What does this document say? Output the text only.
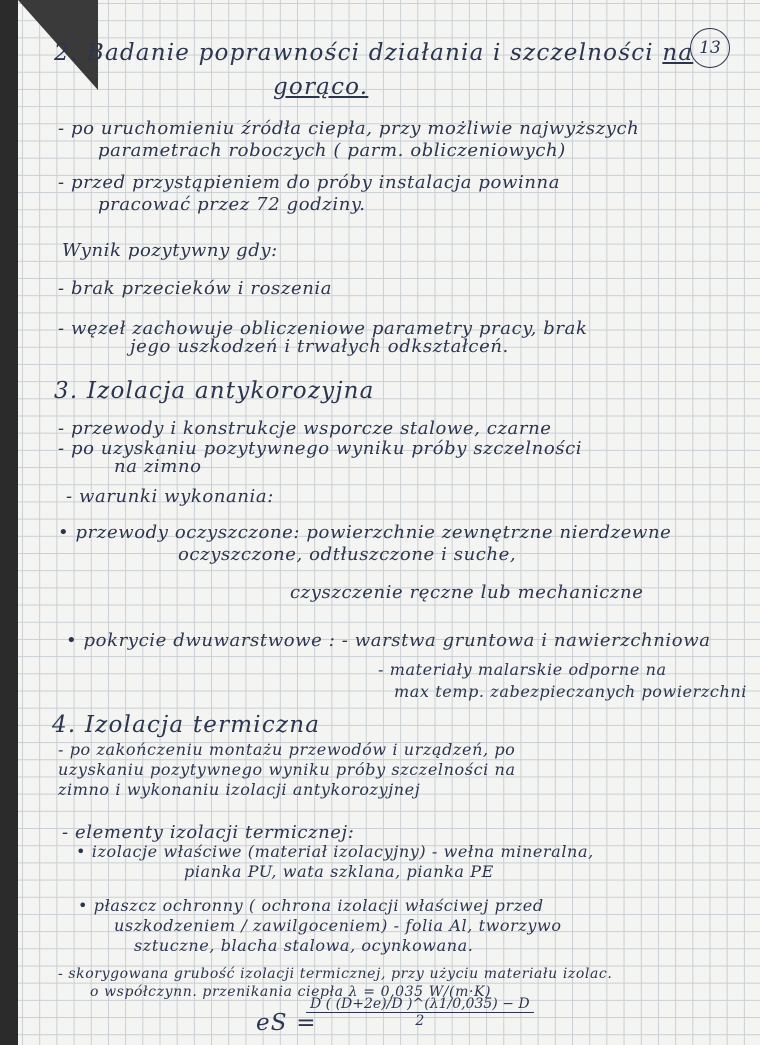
13
2. Badanie poprawności działania i szczelności na
gorąco.
- po uruchomieniu źródła ciepła, przy możliwie najwyższych
parametrach roboczych ( parm. obliczeniowych)
- przed przystąpieniem do próby instalacja powinna
pracować przez 72 godziny.
Wynik pozytywny gdy:
- brak przecieków i roszenia
- węzeł zachowuje obliczeniowe parametry pracy, brak
jego uszkodzeń i trwałych odkształceń.
3. Izolacja antykorozyjna
- przewody i konstrukcje wsporcze stalowe, czarne
- po uzyskaniu pozytywnego wyniku próby szczelności
na zimno
- warunki wykonania:
• przewody oczyszczone: powierzchnie zewnętrzne nierdzewne
oczyszczone, odtłuszczone i suche,
czyszczenie ręczne lub mechaniczne
• pokrycie dwuwarstwowe : - warstwa gruntowa i nawierzchniowa
- materiały malarskie odporne na
max temp. zabezpieczanych powierzchni
4. Izolacja termiczna
- po zakończeniu montażu przewodów i urządzeń, po
uzyskaniu pozytywnego wyniku próby szczelności na
zimno i wykonaniu izolacji antykorozyjnej
- elementy izolacji termicznej:
• izolacje właściwe (materiał izolacyjny) - wełna mineralna,
pianka PU, wata szklana, pianka PE
• płaszcz ochronny ( ochrona izolacji właściwej przed
uszkodzeniem / zawilgoceniem) - folia Al, tworzywo
sztuczne, blacha stalowa, ocynkowana.
- skorygowana grubość izolacji termicznej, przy użyciu materiału izolac.
o współczynn. przenikania ciepła λ = 0,035 W/(m·K)
eS =
$\frac{D ( (D+2e)/D )\^{}(\lambda 1/0,035) - D}{2}$
